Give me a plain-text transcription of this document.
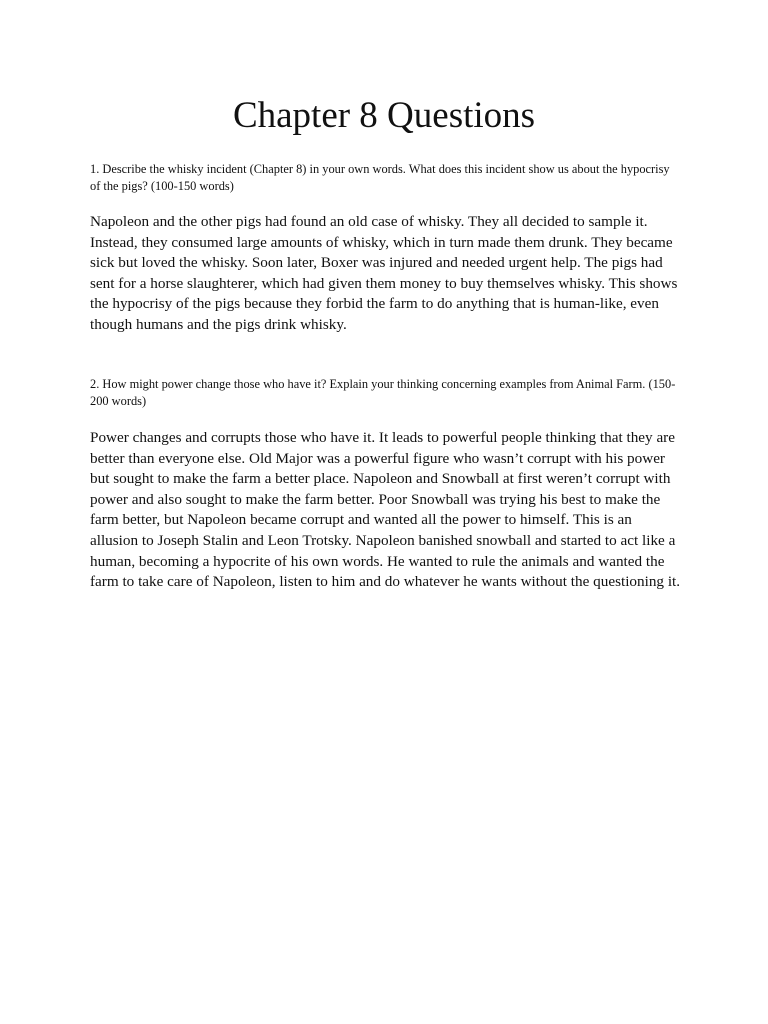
Chapter 8 Questions

1. Describe the whisky incident (Chapter 8) in your own words. What does this incident show us about the hypocrisy of the pigs? (100-150 words)

Napoleon and the other pigs had found an old case of whisky. They all decided to sample it. Instead, they consumed large amounts of whisky, which in turn made them drunk. They became sick but loved the whisky. Soon later, Boxer was injured and needed urgent help. The pigs had sent for a horse slaughterer, which had given them money to buy themselves whisky. This shows the hypocrisy of the pigs because they forbid the farm to do anything that is human-like, even though humans and the pigs drink whisky.

2. How might power change those who have it? Explain your thinking concerning examples from Animal Farm. (150-200 words)

Power changes and corrupts those who have it. It leads to powerful people thinking that they are better than everyone else. Old Major was a powerful figure who wasn’t corrupt with his power but sought to make the farm a better place. Napoleon and Snowball at first weren’t corrupt with power and also sought to make the farm better. Poor Snowball was trying his best to make the farm better, but Napoleon became corrupt and wanted all the power to himself. This is an allusion to Joseph Stalin and Leon Trotsky. Napoleon banished snowball and started to act like a human, becoming a hypocrite of his own words. He wanted to rule the animals and wanted the farm to take care of Napoleon, listen to him and do whatever he wants without the questioning it.
